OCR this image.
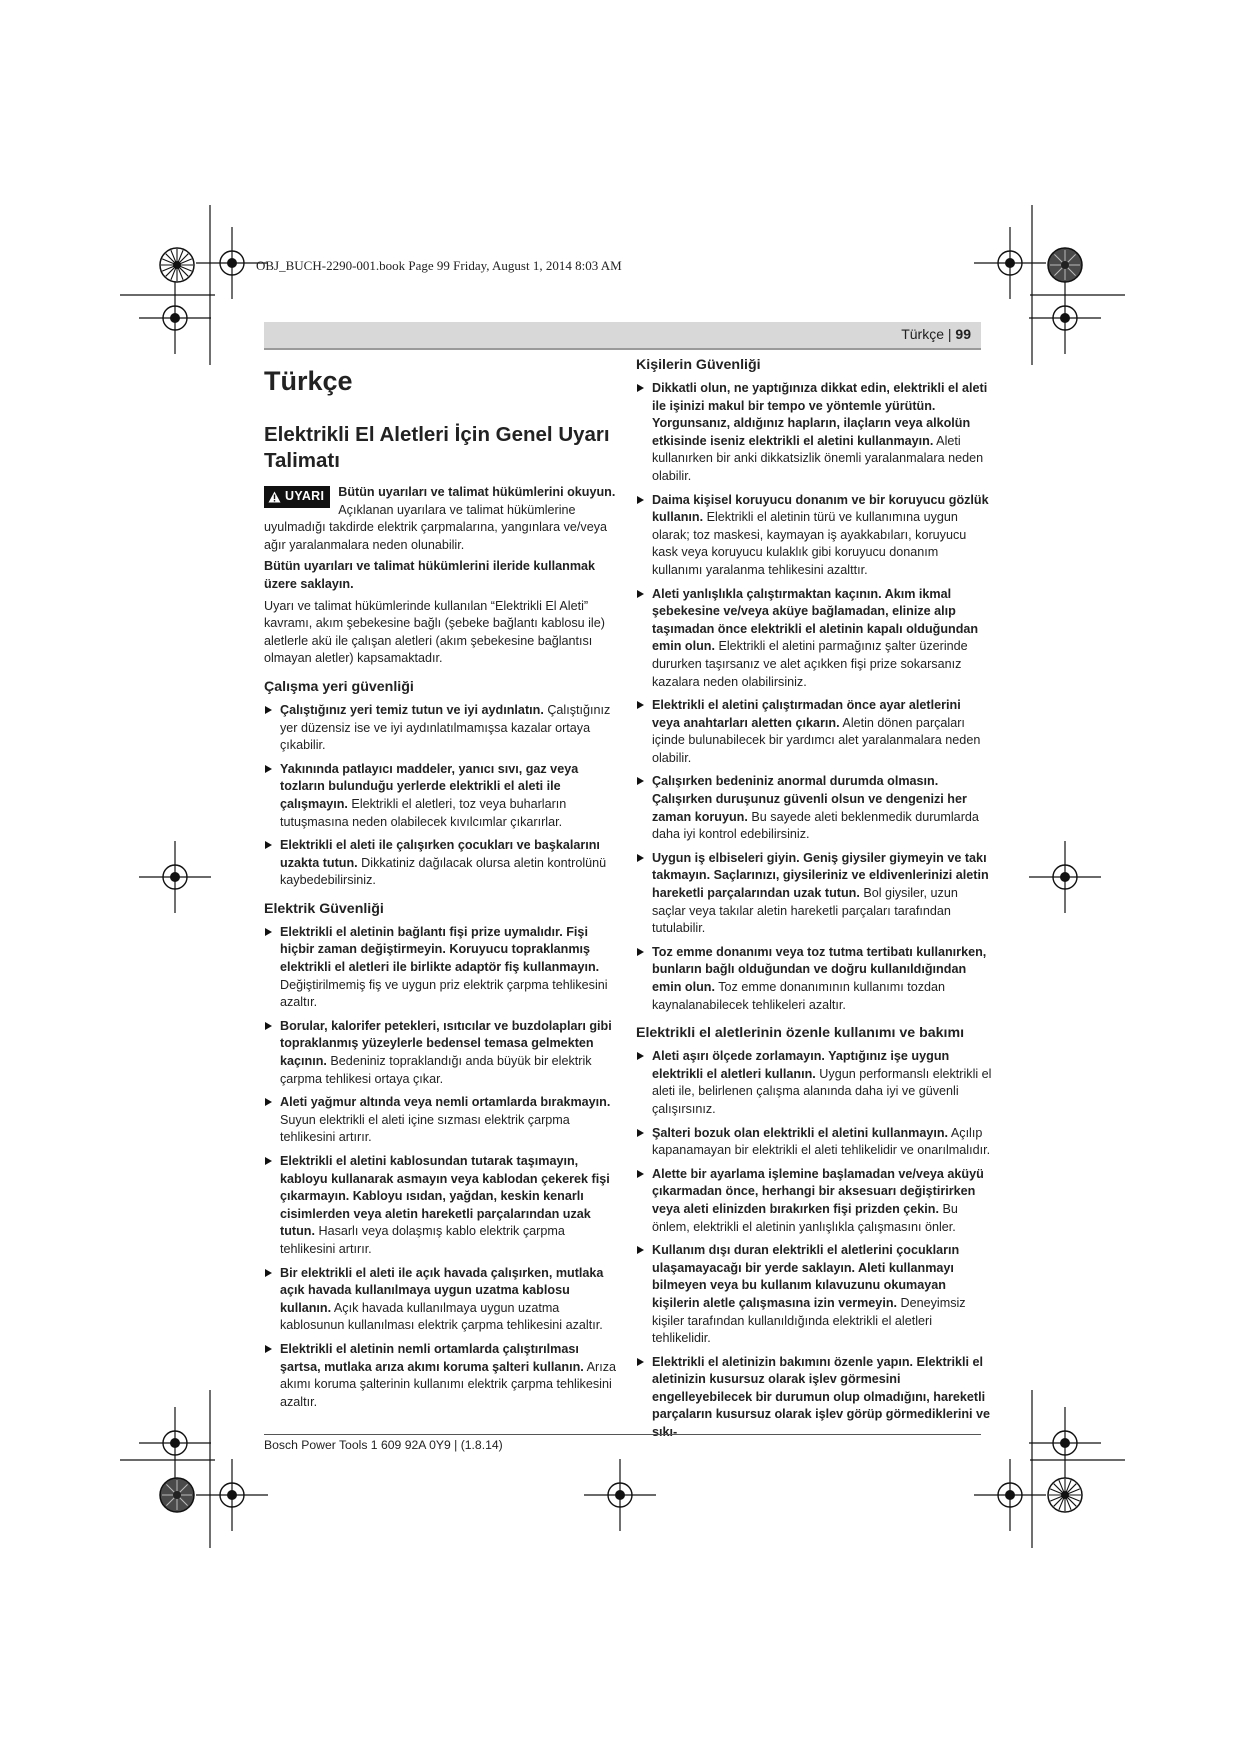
OBJ_BUCH-2290-001.book Page 99 Friday, August 1, 2014 8:03 AM
Türkçe | 99
Türkçe
Elektrikli El Aletleri İçin Genel Uyarı Talimatı
UYARI	Bütün uyarıları ve talimat hükümlerini okuyun. Açıklanan uyarılara ve talimat hükümlerine uyulmadığı takdirde elektrik çarpmalarına, yangınlara ve/veya ağır yaralanmalara neden olunabilir.

Bütün uyarıları ve talimat hükümlerini ileride kullanmak üzere saklayın.

Uyarı ve talimat hükümlerinde kullanılan “Elektrikli El Aleti” kavramı, akım şebekesine bağlı (şebeke bağlantı kablosu ile) aletlerle akü ile çalışan aletleri (akım şebekesine bağlantısı olmayan aletler) kapsamaktadır.

Çalışma yeri güvenliği
Çalıştığınız yeri temiz tutun ve iyi aydınlatın. Çalıştığınız yer düzensiz ise ve iyi aydınlatılmamışsa kazalar ortaya çıkabilir.
Yakınında patlayıcı maddeler, yanıcı sıvı, gaz veya tozların bulunduğu yerlerde elektrikli el aleti ile çalışmayın. Elektrikli el aletleri, toz veya buharların tutuşmasına neden olabilecek kıvılcımlar çıkarırlar.
Elektrikli el aleti ile çalışırken çocukları ve başkalarını uzakta tutun. Dikkatiniz dağılacak olursa aletin kontrolünü kaybedebilirsiniz.
Elektrik Güvenliği
Elektrikli el aletinin bağlantı fişi prize uymalıdır. Fişi hiçbir zaman değiştirmeyin. Koruyucu topraklanmış elektrikli el aletleri ile birlikte adaptör fiş kullanmayın. Değiştirilmemiş fiş ve uygun priz elektrik çarpma tehlikesini azaltır.
Borular, kalorifer petekleri, ısıtıcılar ve buzdolapları gibi topraklanmış yüzeylerle bedensel temasa gelmekten kaçının. Bedeniniz topraklandığı anda büyük bir elektrik çarpma tehlikesi ortaya çıkar.
Aleti yağmur altında veya nemli ortamlarda bırakmayın. Suyun elektrikli el aleti içine sızması elektrik çarpma tehlikesini artırır.
Elektrikli el aletini kablosundan tutarak taşımayın, kabloyu kullanarak asmayın veya kablodan çekerek fişi çıkarmayın. Kabloyu ısıdan, yağdan, keskin kenarlı cisimlerden veya aletin hareketli parçalarından uzak tutun. Hasarlı veya dolaşmış kablo elektrik çarpma tehlikesini artırır.
Bir elektrikli el aleti ile açık havada çalışırken, mutlaka açık havada kullanılmaya uygun uzatma kablosu kullanın. Açık havada kullanılmaya uygun uzatma kablosunun kullanılması elektrik çarpma tehlikesini azaltır.
Elektrikli el aletinin nemli ortamlarda çalıştırılması şartsa, mutlaka arıza akımı koruma şalteri kullanın. Arıza akımı koruma şalterinin kullanımı elektrik çarpma tehlikesini azaltır.
Kişilerin Güvenliği
Dikkatli olun, ne yaptığınıza dikkat edin, elektrikli el aleti ile işinizi makul bir tempo ve yöntemle yürütün. Yorgunsanız, aldığınız hapların, ilaçların veya alkolün etkisinde iseniz elektrikli el aletini kullanmayın. Aleti kullanırken bir anki dikkatsizlik önemli yaralanmalara neden olabilir.
Daima kişisel koruyucu donanım ve bir koruyucu gözlük kullanın. Elektrikli el aletinin türü ve kullanımına uygun olarak; toz maskesi, kaymayan iş ayakkabıları, koruyucu kask veya koruyucu kulaklık gibi koruyucu donanım kullanımı yaralanma tehlikesini azalttır.
Aleti yanlışlıkla çalıştırmaktan kaçının. Akım ikmal şebekesine ve/veya aküye bağlamadan, elinize alıp taşımadan önce elektrikli el aletinin kapalı olduğundan emin olun. Elektrikli el aletini parmağınız şalter üzerinde dururken taşırsanız ve alet açıkken fişi prize sokarsanız kazalara neden olabilirsiniz.
Elektrikli el aletini çalıştırmadan önce ayar aletlerini veya anahtarları aletten çıkarın. Aletin dönen parçaları içinde bulunabilecek bir yardımcı alet yaralanmalara neden olabilir.
Çalışırken bedeniniz anormal durumda olmasın. Çalışırken duruşunuz güvenli olsun ve dengenizi her zaman koruyun. Bu sayede aleti beklenmedik durumlarda daha iyi kontrol edebilirsiniz.
Uygun iş elbiseleri giyin. Geniş giysiler giymeyin ve takı takmayın. Saçlarınızı, giysileriniz ve eldivenlerinizi aletin hareketli parçalarından uzak tutun. Bol giysiler, uzun saçlar veya takılar aletin hareketli parçaları tarafından tutulabilir.
Toz emme donanımı veya toz tutma tertibatı kullanırken, bunların bağlı olduğundan ve doğru kullanıldığından emin olun. Toz emme donanımının kullanımı tozdan kaynalanabilecek tehlikeleri azaltır.
Elektrikli el aletlerinin özenle kullanımı ve bakımı
Aleti aşırı ölçede zorlamayın. Yaptığınız işe uygun elektrikli el aletleri kullanın. Uygun performanslı elektrikli el aleti ile, belirlenen çalışma alanında daha iyi ve güvenli çalışırsınız.
Şalteri bozuk olan elektrikli el aletini kullanmayın. Açılıp kapanamayan bir elektrikli el aleti tehlikelidir ve onarılmalıdır.
Alette bir ayarlama işlemine başlamadan ve/veya aküyü çıkarmadan önce, herhangi bir aksesuarı değiştirirken veya aleti elinizden bırakırken fişi prizden çekin. Bu önlem, elektrikli el aletinin yanlışlıkla çalışmasını önler.
Kullanım dışı duran elektrikli el aletlerini çocukların ulaşamayacağı bir yerde saklayın. Aleti kullanmayı bilmeyen veya bu kullanım kılavuzunu okumayan kişilerin aletle çalışmasına izin vermeyin. Deneyimsiz kişiler tarafından kullanıldığında elektrikli el aletleri tehlikelidir.
Elektrikli el aletinizin bakımını özenle yapın. Elektrikli el aletinizin kusursuz olarak işlev görmesini engelleyebilecek bir durumun olup olmadığını, hareketli parçaların kusursuz olarak işlev görüp görmediklerini ve sıkı-
Bosch Power Tools 1 609 92A 0Y9 | (1.8.14)
